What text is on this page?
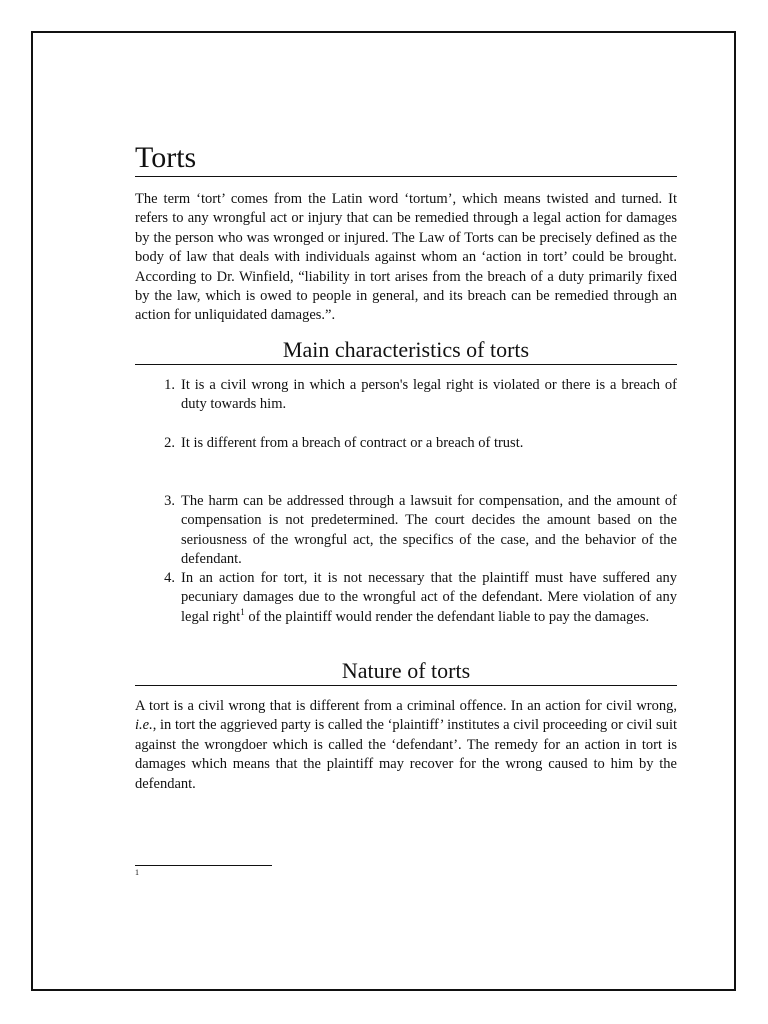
Torts

The term ‘tort’ comes from the Latin word ‘tortum’, which means twisted and turned. It refers to any wrongful act or injury that can be remedied through a legal action for damages by the person who was wronged or injured. The Law of Torts can be precisely defined as the body of law that deals with individuals against whom an ‘action in tort’ could be brought. According to Dr. Winfield, “liability in tort arises from the breach of a duty primarily fixed by the law, which is owed to people in general, and its breach can be remedied through an action for unliquidated damages.”.

Main characteristics of torts
1. It is a civil wrong in which a person's legal right is violated or there is a breach of duty towards him.
2. It is different from a breach of contract or a breach of trust.
3. The harm can be addressed through a lawsuit for compensation, and the amount of compensation is not predetermined. The court decides the amount based on the seriousness of the wrongful act, the specifics of the case, and the behavior of the defendant.
4. In an action for tort, it is not necessary that the plaintiff must have suffered any pecuniary damages due to the wrongful act of the defendant. Mere violation of any legal right$^1$ of the plaintiff would render the defendant liable to pay the damages.
Nature of torts

A tort is a civil wrong that is different from a criminal offence. In an action for civil wrong, i.e., in tort the aggrieved party is called the ‘plaintiff’ institutes a civil proceeding or civil suit against the wrongdoer which is called the ‘defendant’. The remedy for an action in tort is damages which means that the plaintiff may recover for the wrong caused to him by the defendant.

1
